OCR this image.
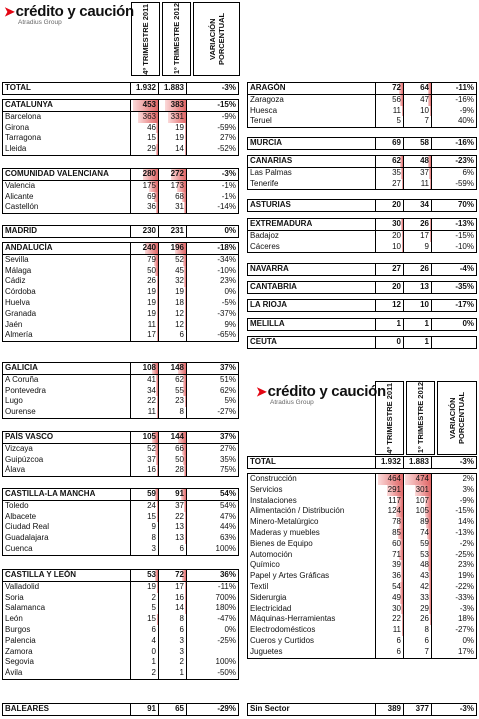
➤ crédito y caución
Atradius Group	4º TRIMESTRE 2011	1º TRIMESTRE 2012	VARIACIÓN PORCENTUAL
➤ crédito y caución
Atradius Group	4º TRIMESTRE 2011	1º TRIMESTRE 2012	VARIACIÓN PORCENTUAL
TOTAL	1.932 1.883	-3%
CATALUNYA	453	383	-15%
Barcelona	363	331	-9%
Girona	46	19	-59%
Tarragona	15	19	27%
Lleida	29	14	-52%
COMUNIDAD VALENCIANA	280	272	-3%
Valencia	175	173	-1%
Alicante	69	68	-1%
Castellón	36	31	-14%
MADRID	230	231	0%
ANDALUCÍA	240	196	-18%
Sevilla	79	52	-34%
Málaga	50	45	-10%
Cádiz	26	32	23%
Córdoba	19	19	0%
Huelva	19	18	-5%
Granada	19	12	-37%
Jaén	11	12	9%
Almería	17	6	-65%
GALICIA	108	148	37%
A Coruña	41	62	51%
Pontevedra	34	55	62%
Lugo	22	23	5%
Ourense	11	8	-27%
PAÍS VASCO	105	144	37%
Vizcaya	52	66	27%
Guipúzcoa	37	50	35%
Álava	16	28	75%
CASTILLA-LA MANCHA	59	91	54%
Toledo	24	37	54%
Albacete	15	22	47%
Ciudad Real	9	13	44%
Guadalajara	8	13	63%
Cuenca	3	6	100%
CASTILLA Y LEÓN	53	72	36%
Valladolid	19	17	-11%
Soria	2	16	700%
Salamanca	5	14	180%
León	15	8	-47%
Burgos	6	6	0%
Palencia	4	3	-25%
Zamora	0	3
Segovia	1	2	100%
Ávila	2	1	-50%
BALEARES	91	65	-29%
ARAGÓN	72	64	-11%
Zaragoza	56	47	-16%
Huesca	11	10	-9%
Teruel	5	7	40%
MURCIA	69	58	-16%
CANARIAS	62	48	-23%
Las Palmas	35	37	6%
Tenerife	27	11	-59%
ASTURIAS	20	34	70%
EXTREMADURA	30	26	-13%
Badajoz	20	17	-15%
Cáceres	10	9	-10%
NAVARRA	27	26	-4%
CANTABRIA	20	13	-35%
LA RIOJA	12	10	-17%
MELILLA	1	1	0%
CEUTA	0	1
TOTAL	1.932 1.883	-3%
Construcción	464	474	2%
Servicios	291	301	3%
Instalaciones	117	107	-9%
Alimentación / Distribución	124	105	-15%
Minero-Metalúrgico	78	89	14%
Maderas y muebles	85	74	-13%
Bienes de Equipo	60	59	-2%
Automoción	71	53	-25%
Químico	39	48	23%
Papel y Artes Gráficas	36	43	19%
Textil	54	42	-22%
Siderurgia	49	33	-33%
Electricidad	30	29	-3%
Máquinas-Herramientas	22	26	18%
Electrodomésticos	11	8	-27%
Cueros y Curtidos	6	6	0%
Juguetes	6	7	17%
Sin Sector	389	377	-3%
